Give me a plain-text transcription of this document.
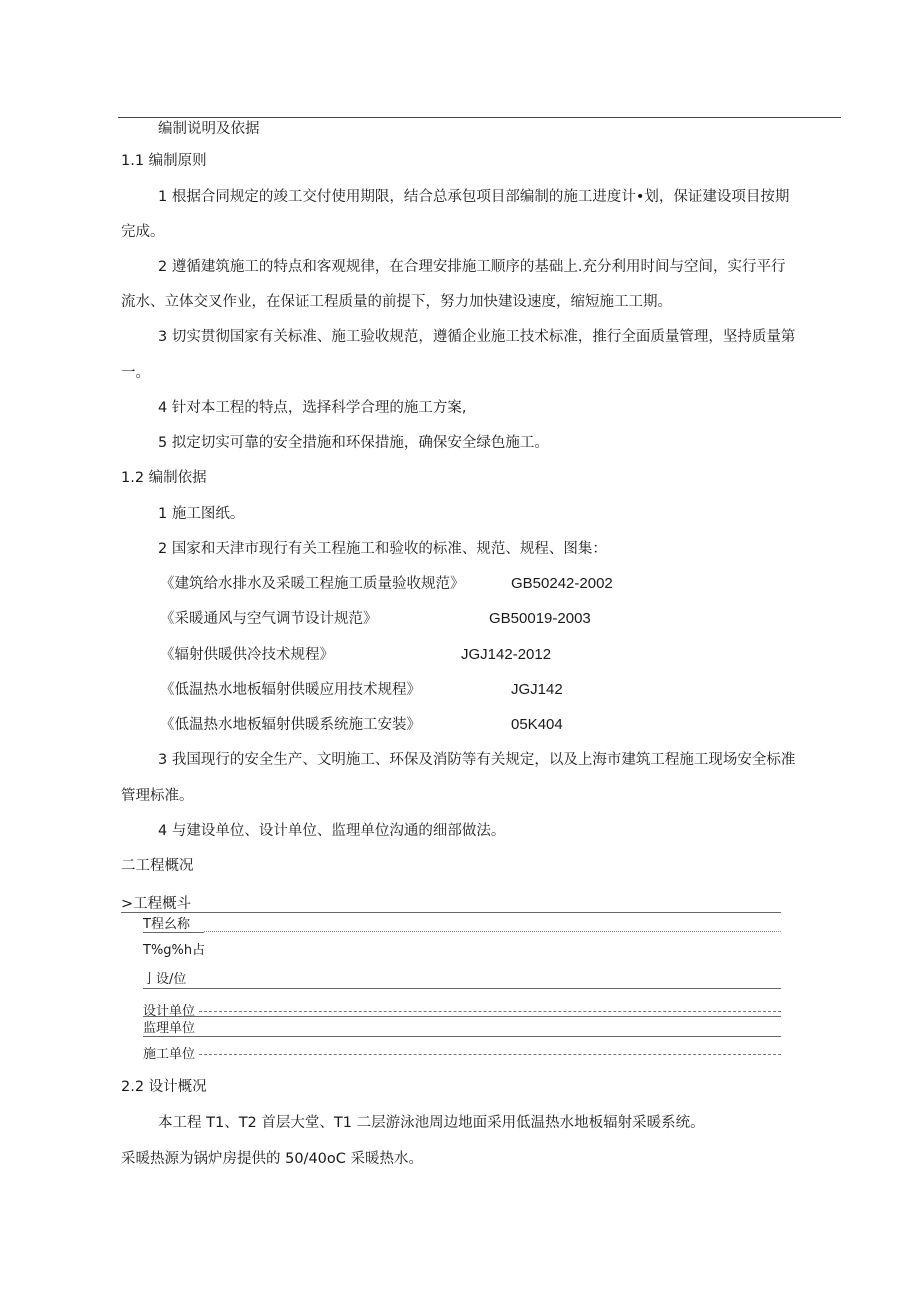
编制说明及依据
1.1 编制原则
1 根据合同规定的竣工交付使用期限，结合总承包项目部编制的施工进度计•划，保证建设项目按期
完成。
2 遵循建筑施工的特点和客观规律，在合理安排施工顺序的基础上.充分利用时间与空间，实行平行
流水、立体交叉作业，在保证工程质量的前提下，努力加快建设速度，缩短施工工期。
3 切实贯彻国家有关标准、施工验收规范，遵循企业施工技术标准，推行全面质量管理，坚持质量第
一。
4 针对本工程的特点，选择科学合理的施工方案,
5 拟定切实可靠的安全措施和环保措施，确保安全绿色施工。
1.2 编制依据
1 施工图纸。
2 国家和天津市现行有关工程施工和验收的标准、规范、规程、图集：
《建筑给水排水及采暖工程施工质量验收规范》	GB50242-2002
《采暖通风与空气调节设计规范》	GB50019-2003
《辐射供暖供冷技术规程》	JGJ142-2012
《低温热水地板辐射供暖应用技术规程》	JGJ142
《低温热水地板辐射供暖系统施工安装》	05K404
3 我国现行的安全生产、文明施工、环保及消防等有关规定，以及上海市建筑工程施工现场安全标准
管理标准。
4 与建设单位、设计单位、监理单位沟通的细部做法。
二工程概况
>工程概斗
T程幺称
T%g%h占
亅设/位
设计单位
监理单位
施工单位
2.2 设计概况
本工程 T1、T2 首层大堂、T1 二层游泳池周边地面采用低温热水地板辐射采暖系统。
采暖热源为锅炉房提供的 50/40oC 采暖热水。
